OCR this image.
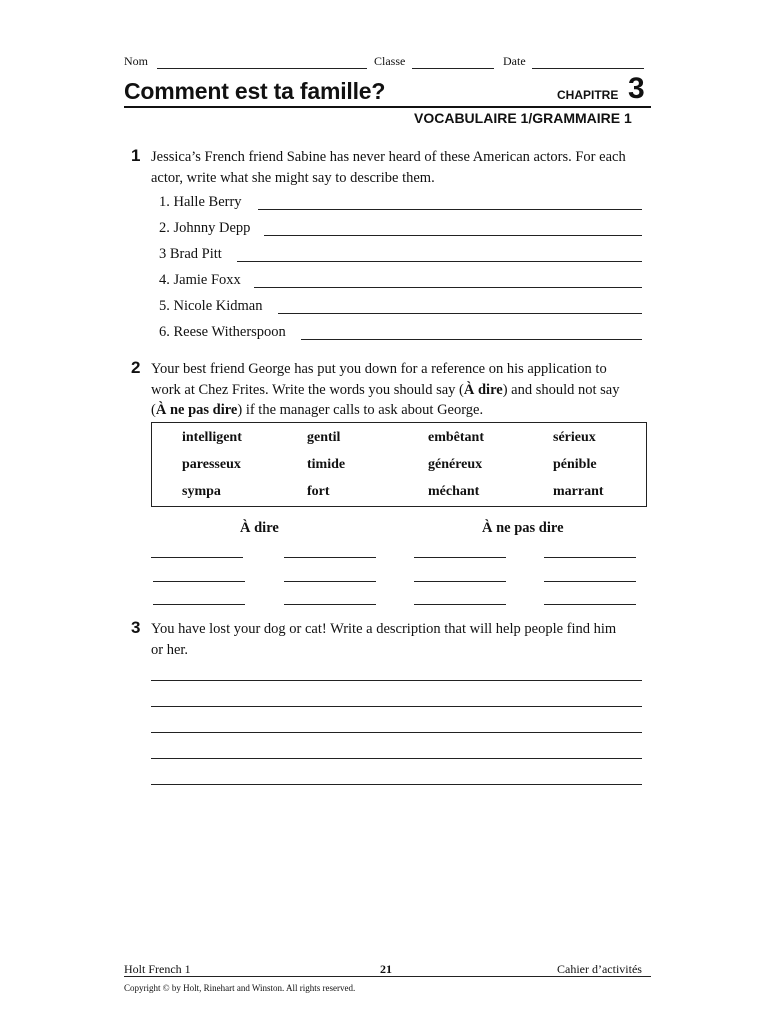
Nom	Classe	Date
Comment est ta famille?	CHAPITRE 3
VOCABULAIRE 1/GRAMMAIRE 1
1 Jessica’s French friend Sabine has never heard of these American actors. For each
actor, write what she might say to describe them.
1. Halle Berry
2. Johnny Depp
3 Brad Pitt
4. Jamie Foxx
5. Nicole Kidman
6. Reese Witherspoon
2 Your best friend George has put you down for a reference on his application to
work at Chez Frites. Write the words you should say (À dire) and should not say
(À ne pas dire) if the manager calls to ask about George.
intelligent	gentil	embêtant	sérieux
paresseux	timide	généreux	pénible
sympa	fort	méchant	marrant
À dire	À ne pas dire
3 You have lost your dog or cat! Write a description that will help people find him
or her.
Holt French 1	21	Cahier d’activités
Copyright © by Holt, Rinehart and Winston. All rights reserved.
